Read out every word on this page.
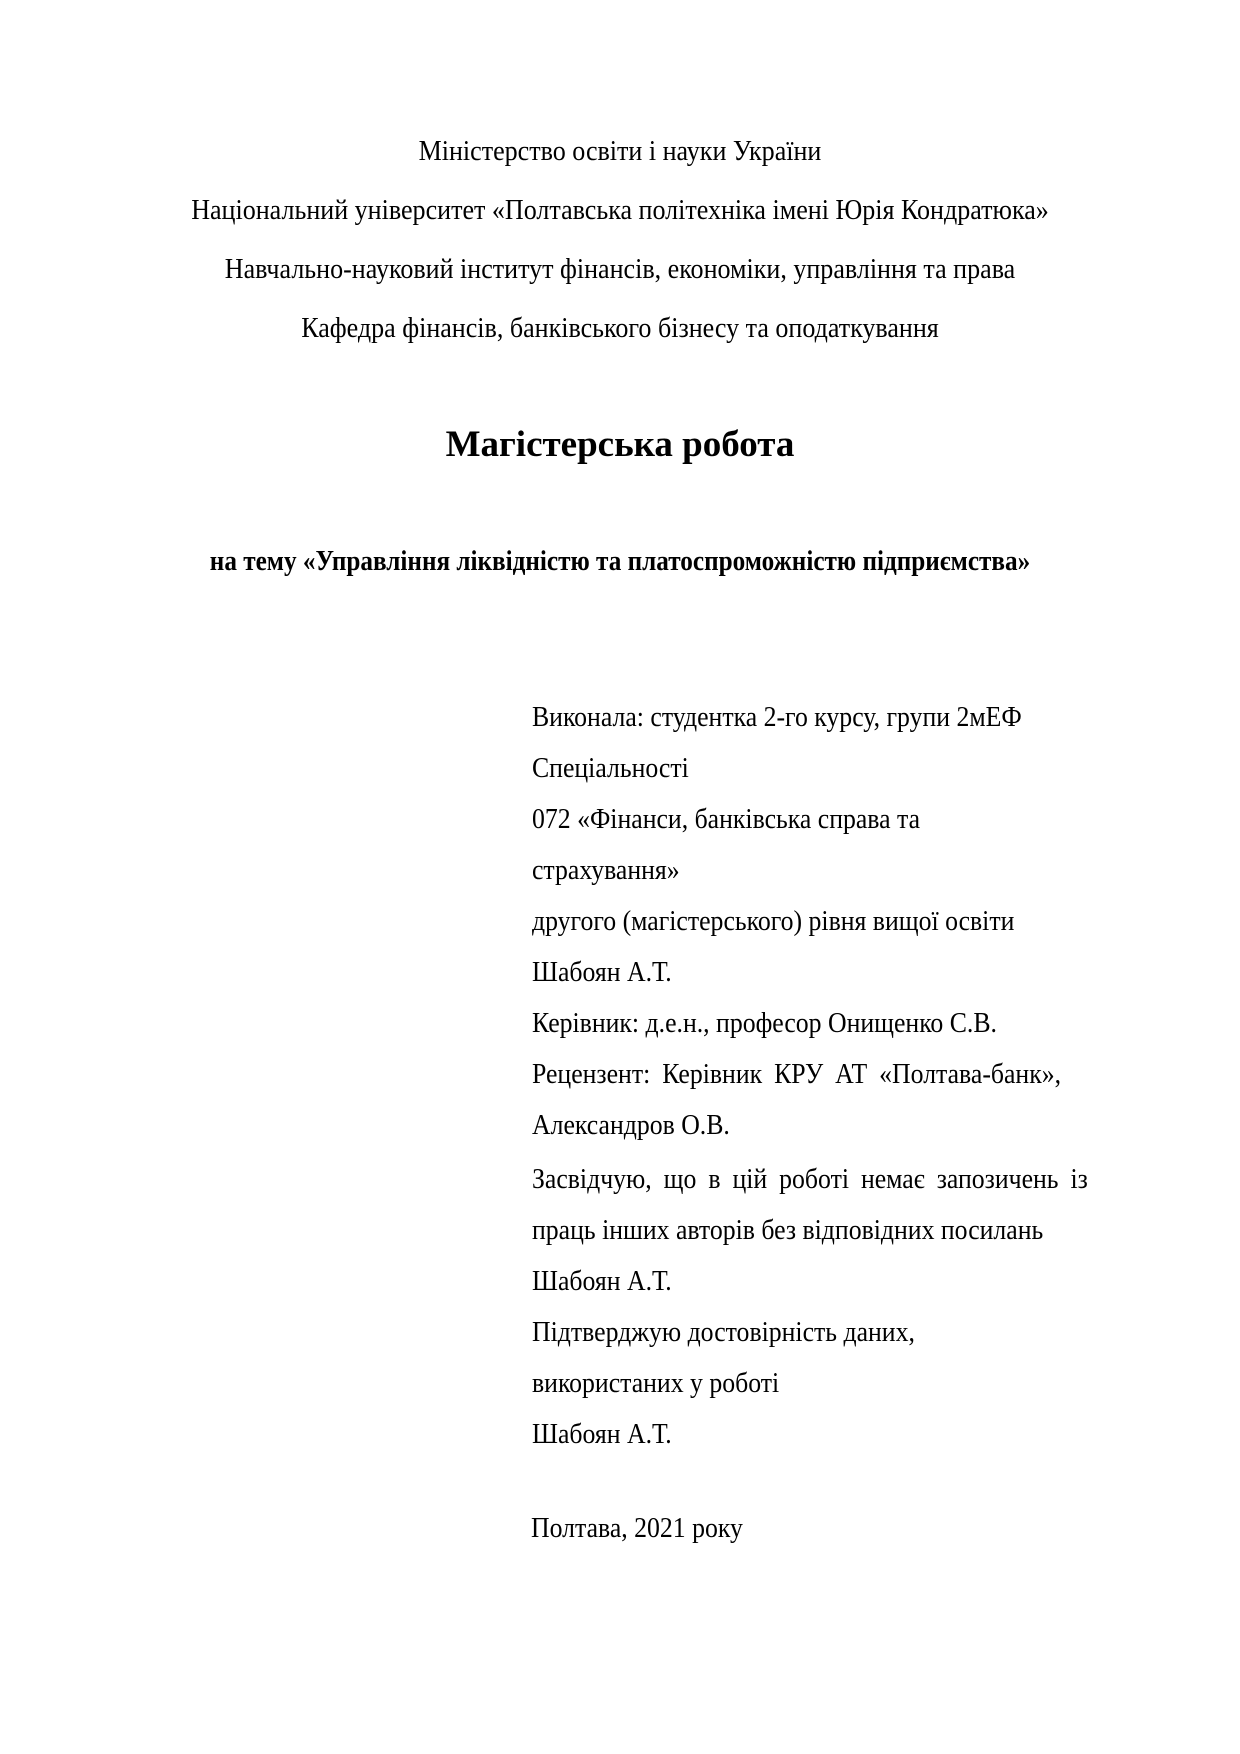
Міністерство освіти і науки України
Національний університет «Полтавська політехніка імені Юрія Кондратюка»
Навчально-науковий інститут фінансів, економіки, управління та права
Кафедра фінансів, банківського бізнесу та оподаткування
Магістерська робота
на тему «Управління ліквідністю та платоспроможністю підприємства»
Виконала: студентка 2-го курсу, групи 2мЕФ
Спеціальності
072 «Фінанси, банківська справа та
страхування»
другого (магістерського) рівня вищої освіти
Шабоян А.Т.
Керівник: д.е.н., професор Онищенко С.В.
Рецензент: Керівник КРУ АТ «Полтава-банк»,
Александров О.В.
Засвідчую, що в цій роботі немає запозичень із
праць інших авторів без відповідних посилань
Шабоян А.Т.
Підтверджую достовірність даних,
використаних у роботі
Шабоян А.Т.
Полтава, 2021 року
